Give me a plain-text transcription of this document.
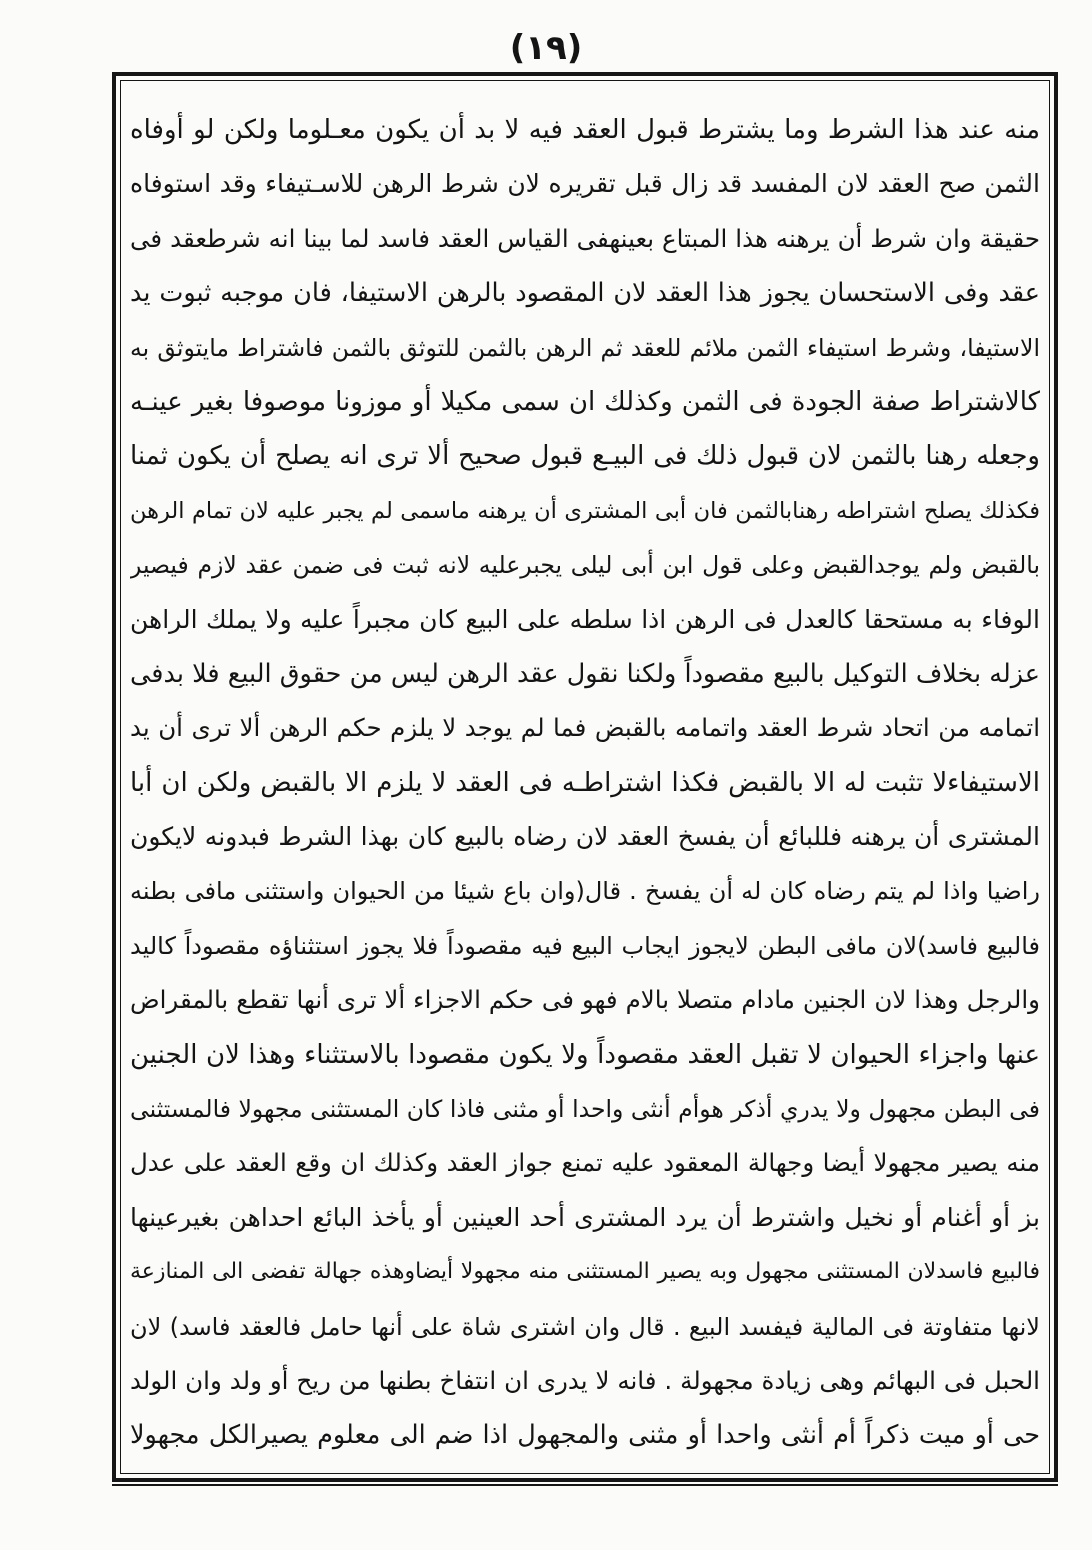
(١٩)
منه عند هذا الشرط وما يشترط قبول العقد فيه لا بد أن يكون معـلوما ولكن لو أوفاه
الثمن صح العقد لان المفسد قد زال قبل تقريره لان شرط الرهن للاسـتيفاء وقد استوفاه
حقيقة وان شرط أن يرهنه هذا المبتاع بعينهفى القياس العقد فاسد لما بينا انه شرطعقد فى
عقد وفى الاستحسان يجوز هذا العقد لان المقصود بالرهن الاستيفا، فان موجبه ثبوت يد
الاستيفا، وشرط استيفاء الثمن ملائم للعقد ثم الرهن بالثمن للتوثق بالثمن فاشتراط مايتوثق به
كالاشتراط صفة الجودة فى الثمن وكذلك ان سمى مكيلا أو موزونا موصوفا بغير عينـه
وجعله رهنا بالثمن لان قبول ذلك فى البيـع قبول صحيح ألا ترى انه يصلح أن يكون ثمنا
فكذلك يصلح اشتراطه رهنابالثمن فان أبى المشترى أن يرهنه ماسمى لم يجبر عليه لان تمام الرهن
بالقبض ولم يوجدالقبض وعلى قول ابن أبى ليلى يجبرعليه لانه ثبت فى ضمن عقد لازم فيصير
الوفاء به مستحقا كالعدل فى الرهن اذا سلطه على البيع كان مجبراً عليه ولا يملك الراهن
عزله بخلاف التوكيل بالبيع مقصوداً ولكنا نقول عقد الرهن ليس من حقوق البيع فلا بدفى
اتمامه من اتحاد شرط العقد واتمامه بالقبض فما لم يوجد لا يلزم حكم الرهن ألا ترى أن يد
الاستيفاءلا تثبت له الا بالقبض فكذا اشتراطـه فى العقد لا يلزم الا بالقبض ولكن ان أبا
المشترى أن يرهنه فللبائع أن يفسخ العقد لان رضاه بالبيع كان بهذا الشرط فبدونه لايكون
راضيا واذا لم يتم رضاه كان له أن يفسخ . قال(وان باع شيئا من الحيوان واستثنى مافى بطنه
فالبيع فاسد)لان مافى البطن لايجوز ايجاب البيع فيه مقصوداً فلا يجوز استثناؤه مقصوداً كاليد
والرجل وهذا لان الجنين مادام متصلا بالام فهو فى حكم الاجزاء ألا ترى أنها تقطع بالمقراض
عنها واجزاء الحيوان لا تقبل العقد مقصوداً ولا يكون مقصودا بالاستثناء وهذا لان الجنين
فى البطن مجهول ولا يدري أذكر هوأم أنثى واحدا أو مثنى فاذا كان المستثنى مجهولا فالمستثنى
منه يصير مجهولا أيضا وجهالة المعقود عليه تمنع جواز العقد وكذلك ان وقع العقد على عدل
بز أو أغنام أو نخيل واشترط أن يرد المشترى أحد العينين أو يأخذ البائع احداهن بغيرعينها
فالبيع فاسدلان المستثنى مجهول وبه يصير المستثنى منه مجهولا أيضاوهذه جهالة تفضى الى المنازعة
لانها متفاوتة فى المالية فيفسد البيع . قال وان اشترى شاة على أنها حامل فالعقد فاسد) لان
الحبل فى البهائم وهى زيادة مجهولة . فانه لا يدرى ان انتفاخ بطنها من ريح أو ولد وان الولد
حى أو ميت ذكراً أم أنثى واحدا أو مثنى والمجهول اذا ضم الى معلوم يصيرالكل مجهولا
